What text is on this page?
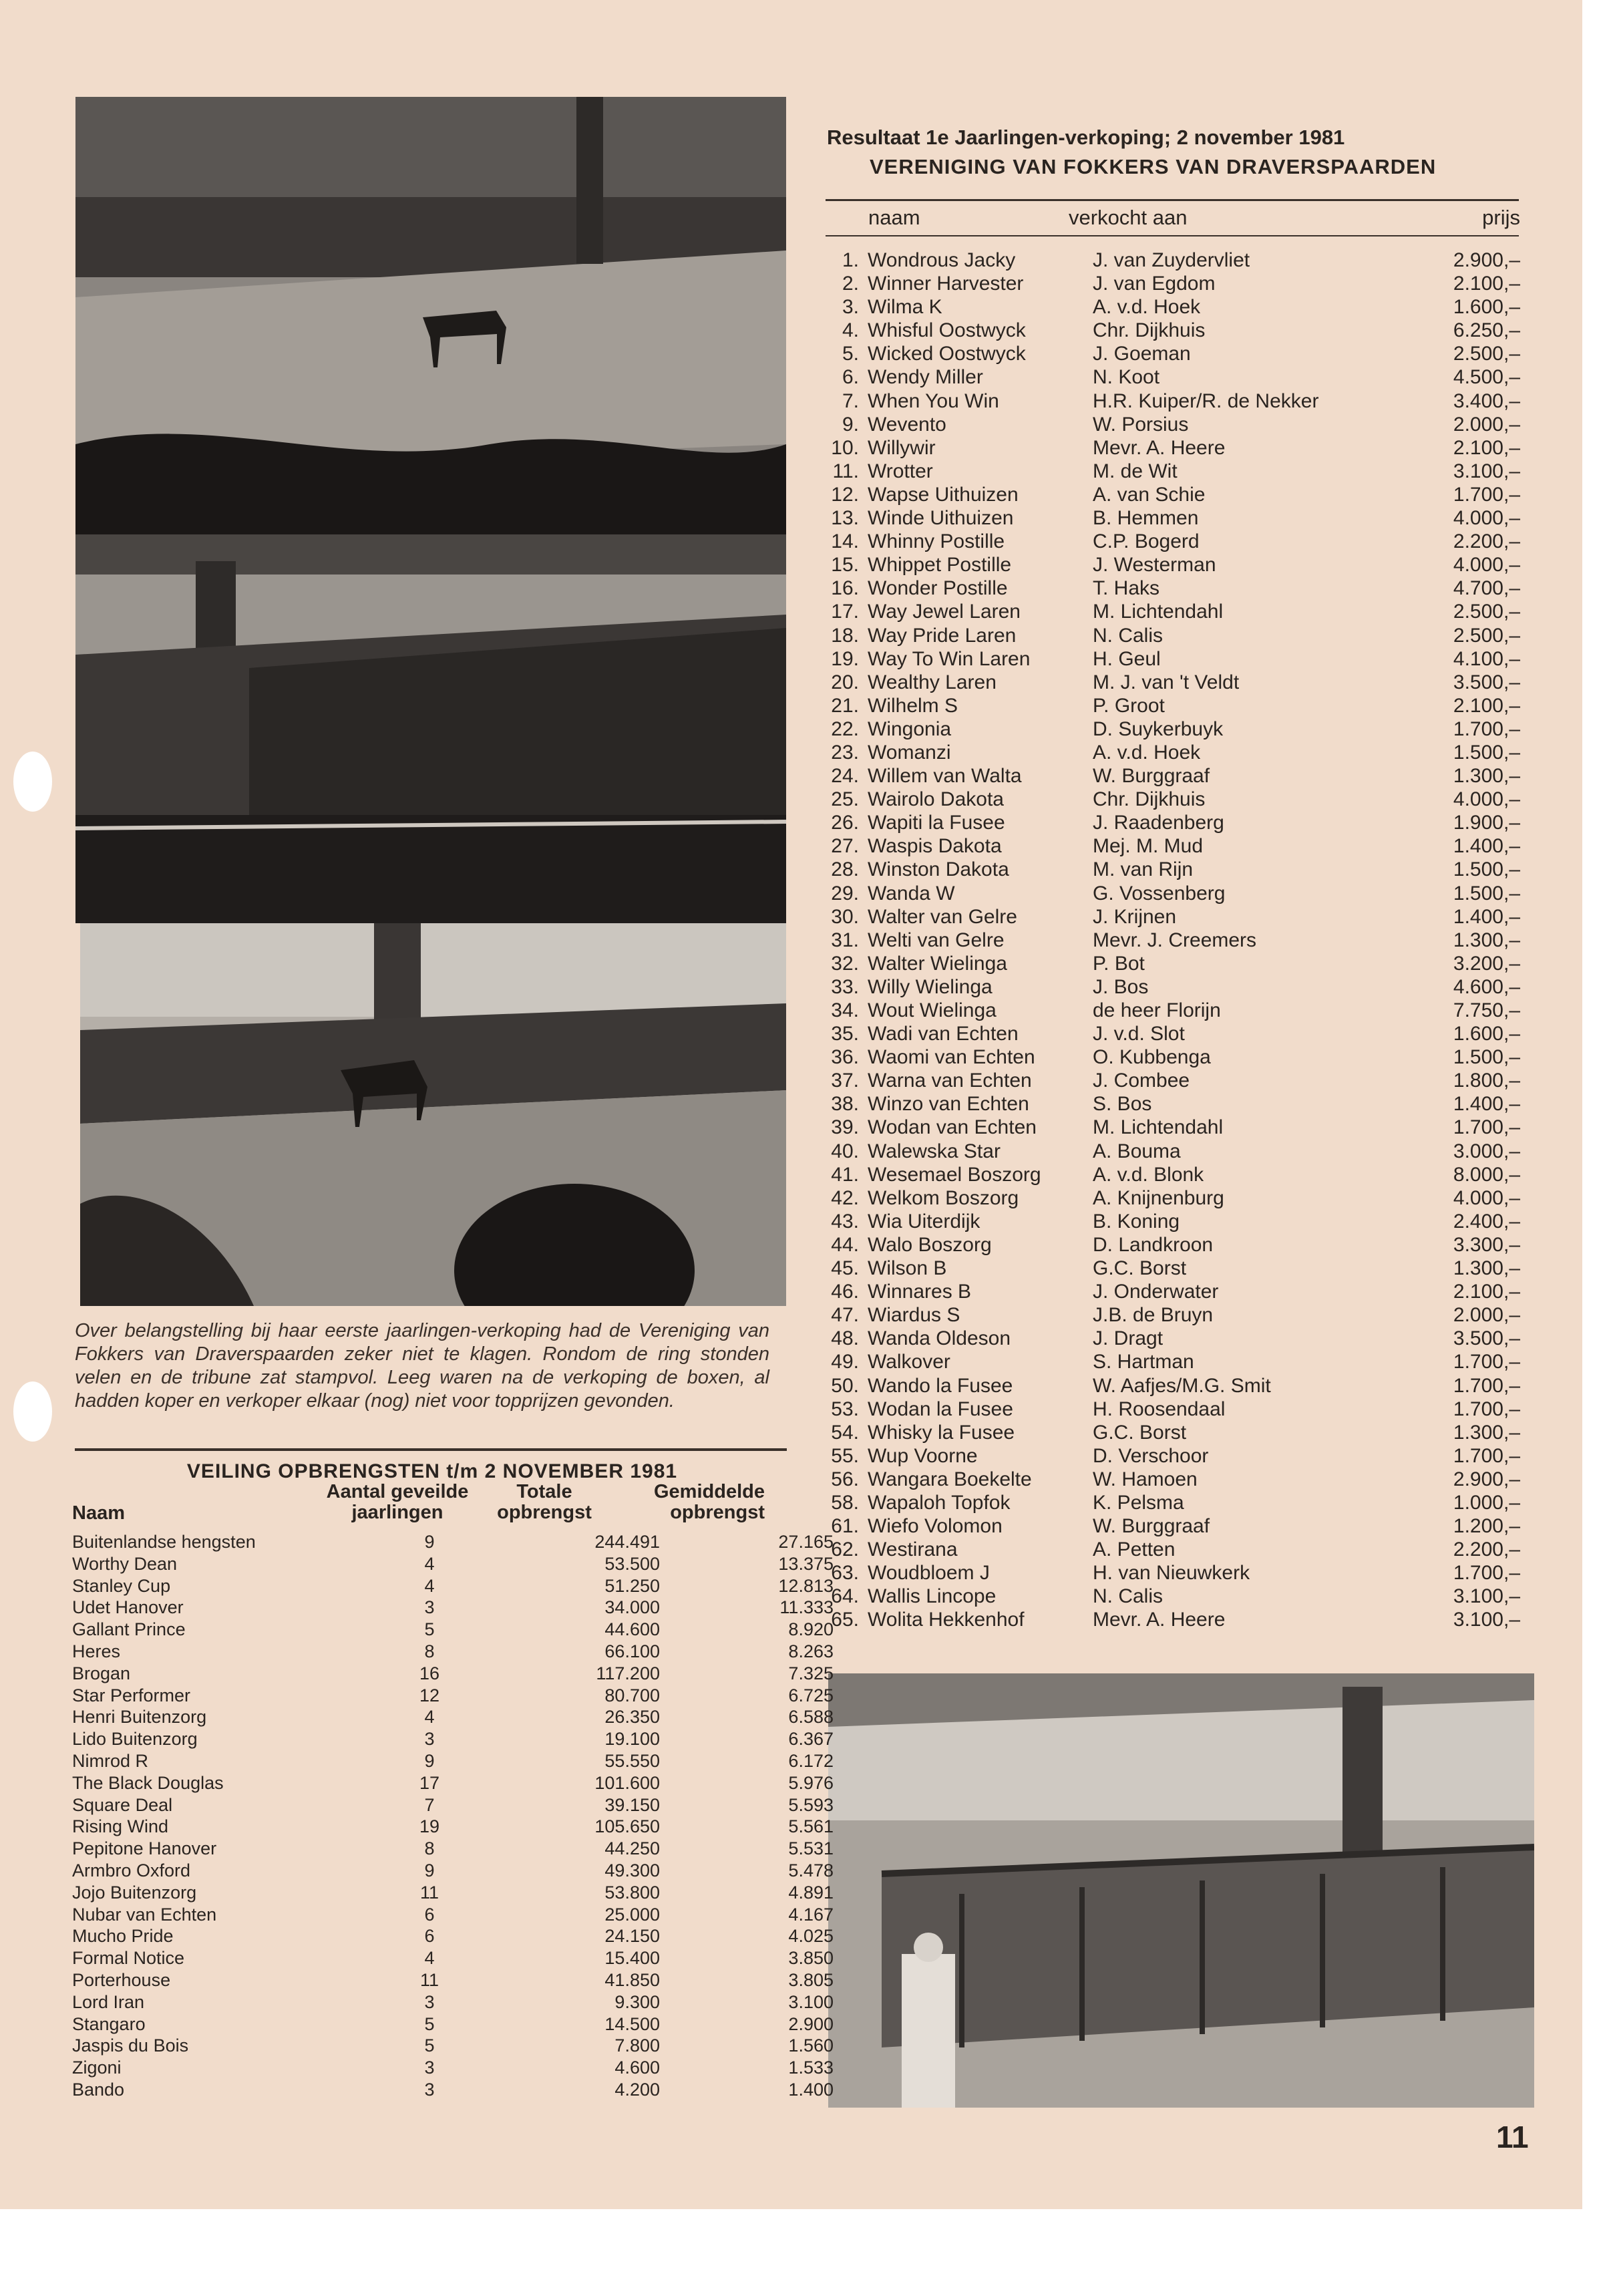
Over belangstelling bij haar eerste jaarlingen-verkoping had de Vereniging van Fokkers van Draverspaarden zeker niet te klagen. Rondom de ring stonden velen en de tribune zat stampvol. Leeg waren na de verkoping de boxen, al hadden koper en verkoper elkaar (nog) niet voor topprijzen gevonden.
VEILING OPBRENGSTEN t/m 2 NOVEMBER 1981
Naam
Aantal geveilde
jaarlingen
Totale
opbrengst
Gemiddelde
opbrengst
Buitenlandse hengsten	9	244.491	27.165
Worthy Dean	4	53.500	13.375
Stanley Cup	4	51.250	12.813
Udet Hanover	3	34.000	11.333
Gallant Prince	5	44.600	8.920
Heres	8	66.100	8.263
Brogan	16	117.200	7.325
Star Performer	12	80.700	6.725
Henri Buitenzorg	4	26.350	6.588
Lido Buitenzorg	3	19.100	6.367
Nimrod R	9	55.550	6.172
The Black Douglas	17	101.600	5.976
Square Deal	7	39.150	5.593
Rising Wind	19	105.650	5.561
Pepitone Hanover	8	44.250	5.531
Armbro Oxford	9	49.300	5.478
Jojo Buitenzorg	11	53.800	4.891
Nubar van Echten	6	25.000	4.167
Mucho Pride	6	24.150	4.025
Formal Notice	4	15.400	3.850
Porterhouse	11	41.850	3.805
Lord Iran	3	9.300	3.100
Stangaro	5	14.500	2.900
Jaspis du Bois	5	7.800	1.560
Zigoni	3	4.600	1.533
Bando	3	4.200	1.400
Resultaat 1e Jaarlingen-verkoping; 2 november 1981
VERENIGING VAN FOKKERS VAN DRAVERSPAARDEN
naam	verkocht aan	prijs
1. Wondrous Jacky	J. van Zuydervliet	2.900,–
2. Winner Harvester	J. van Egdom	2.100,–
3. Wilma K	A. v.d. Hoek	1.600,–
4. Whisful Oostwyck	Chr. Dijkhuis	6.250,–
5. Wicked Oostwyck	J. Goeman	2.500,–
6. Wendy Miller	N. Koot	4.500,–
7. When You Win	H.R. Kuiper/R. de Nekker	3.400,–
9. Wevento	W. Porsius	2.000,–
10. Willywir	Mevr. A. Heere	2.100,–
11. Wrotter	M. de Wit	3.100,–
12. Wapse Uithuizen	A. van Schie	1.700,–
13. Winde Uithuizen	B. Hemmen	4.000,–
14. Whinny Postille	C.P. Bogerd	2.200,–
15. Whippet Postille	J. Westerman	4.000,–
16. Wonder Postille	T. Haks	4.700,–
17. Way Jewel Laren	M. Lichtendahl	2.500,–
18. Way Pride Laren	N. Calis	2.500,–
19. Way To Win Laren	H. Geul	4.100,–
20. Wealthy Laren	M. J. van 't Veldt	3.500,–
21. Wilhelm S	P. Groot	2.100,–
22. Wingonia	D. Suykerbuyk	1.700,–
23. Womanzi	A. v.d. Hoek	1.500,–
24. Willem van Walta	W. Burggraaf	1.300,–
25. Wairolo Dakota	Chr. Dijkhuis	4.000,–
26. Wapiti la Fusee	J. Raadenberg	1.900,–
27. Waspis Dakota	Mej. M. Mud	1.400,–
28. Winston Dakota	M. van Rijn	1.500,–
29. Wanda W	G. Vossenberg	1.500,–
30. Walter van Gelre	J. Krijnen	1.400,–
31. Welti van Gelre	Mevr. J. Creemers	1.300,–
32. Walter Wielinga	P. Bot	3.200,–
33. Willy Wielinga	J. Bos	4.600,–
34. Wout Wielinga	de heer Florijn	7.750,–
35. Wadi van Echten	J. v.d. Slot	1.600,–
36. Waomi van Echten	O. Kubbenga	1.500,–
37. Warna van Echten	J. Combee	1.800,–
38. Winzo van Echten	S. Bos	1.400,–
39. Wodan van Echten	M. Lichtendahl	1.700,–
40. Walewska Star	A. Bouma	3.000,–
41. Wesemael Boszorg	A. v.d. Blonk	8.000,–
42. Welkom Boszorg	A. Knijnenburg	4.000,–
43. Wia Uiterdijk	B. Koning	2.400,–
44. Walo Boszorg	D. Landkroon	3.300,–
45. Wilson B	G.C. Borst	1.300,–
46. Winnares B	J. Onderwater	2.100,–
47. Wiardus S	J.B. de Bruyn	2.000,–
48. Wanda Oldeson	J. Dragt	3.500,–
49. Walkover	S. Hartman	1.700,–
50. Wando la Fusee	W. Aafjes/M.G. Smit	1.700,–
53. Wodan la Fusee	H. Roosendaal	1.700,–
54. Whisky la Fusee	G.C. Borst	1.300,–
55. Wup Voorne	D. Verschoor	1.700,–
56. Wangara Boekelte	W. Hamoen	2.900,–
58. Wapaloh Topfok	K. Pelsma	1.000,–
61. Wiefo Volomon	W. Burggraaf	1.200,–
62. Westirana	A. Petten	2.200,–
63. Woudbloem J	H. van Nieuwkerk	1.700,–
64. Wallis Lincope	N. Calis	3.100,–
65. Wolita Hekkenhof	Mevr. A. Heere	3.100,–
11
